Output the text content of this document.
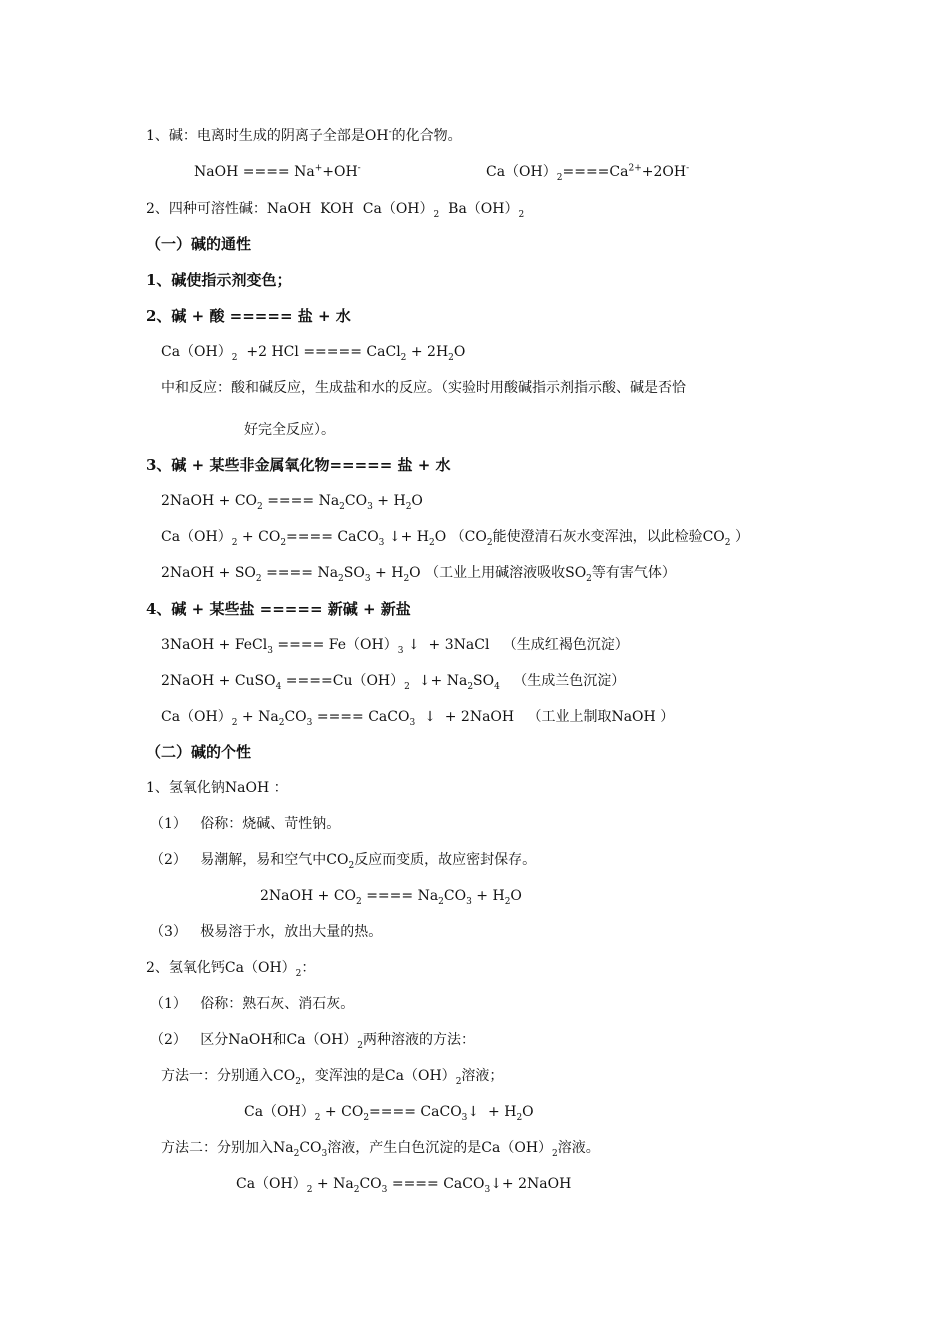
1、碱：电离时生成的阴离子全部是OH-的化合物。
NaOH ==== Na++OH-	$Ca(OH)_2====Ca^{2+}+2OH^-$
2、四种可溶性碱：NaOH  KOH  $Ca(OH)_2$  $Ba(OH)_2$
（一）碱的通性
1、碱使指示剂变色；
2、碱 + 酸 ===== 盐 + 水
$Ca(OH)_2 +2$ HCl ===== CaCl$_2$ + $2H_2O$
中和反应：酸和碱反应，生成盐和水的反应。（实验时用酸碱指示剂指示酸、碱是否恰
好完全反应）。
3、碱 + 某些非金属氧化物===== 盐 + 水
2NaOH + $CO_2$ ==== $Na_2CO_3 + H_2O$
$Ca(OH)_2 + CO_2====$ CaCO$_3$ ↓+ $H_2O$ （$CO_2$能使澄清石灰水变浑浊，以此检验$CO_2$ ）
2NaOH + $SO_2$ ==== $Na_2SO_3 + H_2O$ （工业上用碱溶液吸收$SO_2$等有害气体）
4、碱 + 某些盐 ===== 新碱 + 新盐
3NaOH + FeCl$_3$ ==== $Fe(OH)_3$ ↓  + 3NaCl   （生成红褐色沉淀）
2NaOH + CuSO$_4$ $====Cu(OH)_2$  ↓+ $Na_2SO_4$   （生成兰色沉淀）
$Ca(OH)_2 + Na_2CO_3$ ==== CaCO$_3$  ↓  + 2NaOH   （工业上制取NaOH ）
（二）碱的个性
1、氢氧化钠NaOH ：
（1）   俗称：烧碱、苛性钠。
（2）   易潮解，易和空气中$CO_2$反应而变质，故应密封保存。
2NaOH + $CO_2$ ==== $Na_2CO_3 + H_2O$
（3）   极易溶于水，放出大量的热。
2、氢氧化钙$Ca(OH)_2$：
（1）   俗称：熟石灰、消石灰。
（2）   区分NaOH和$Ca(OH)_2$两种溶液的方法：
方法一：分别通入$CO_2$，变浑浊的是$Ca(OH)_2$溶液；
$Ca(OH)_2 + CO_2====$ CaCO$_3$↓  + $H_2O$
方法二：分别加入$Na_2CO_3$溶液，产生白色沉淀的是$Ca(OH)_2$溶液。
$Ca(OH)_2 + Na_2CO_3$ ==== CaCO$_3$↓+ 2NaOH
